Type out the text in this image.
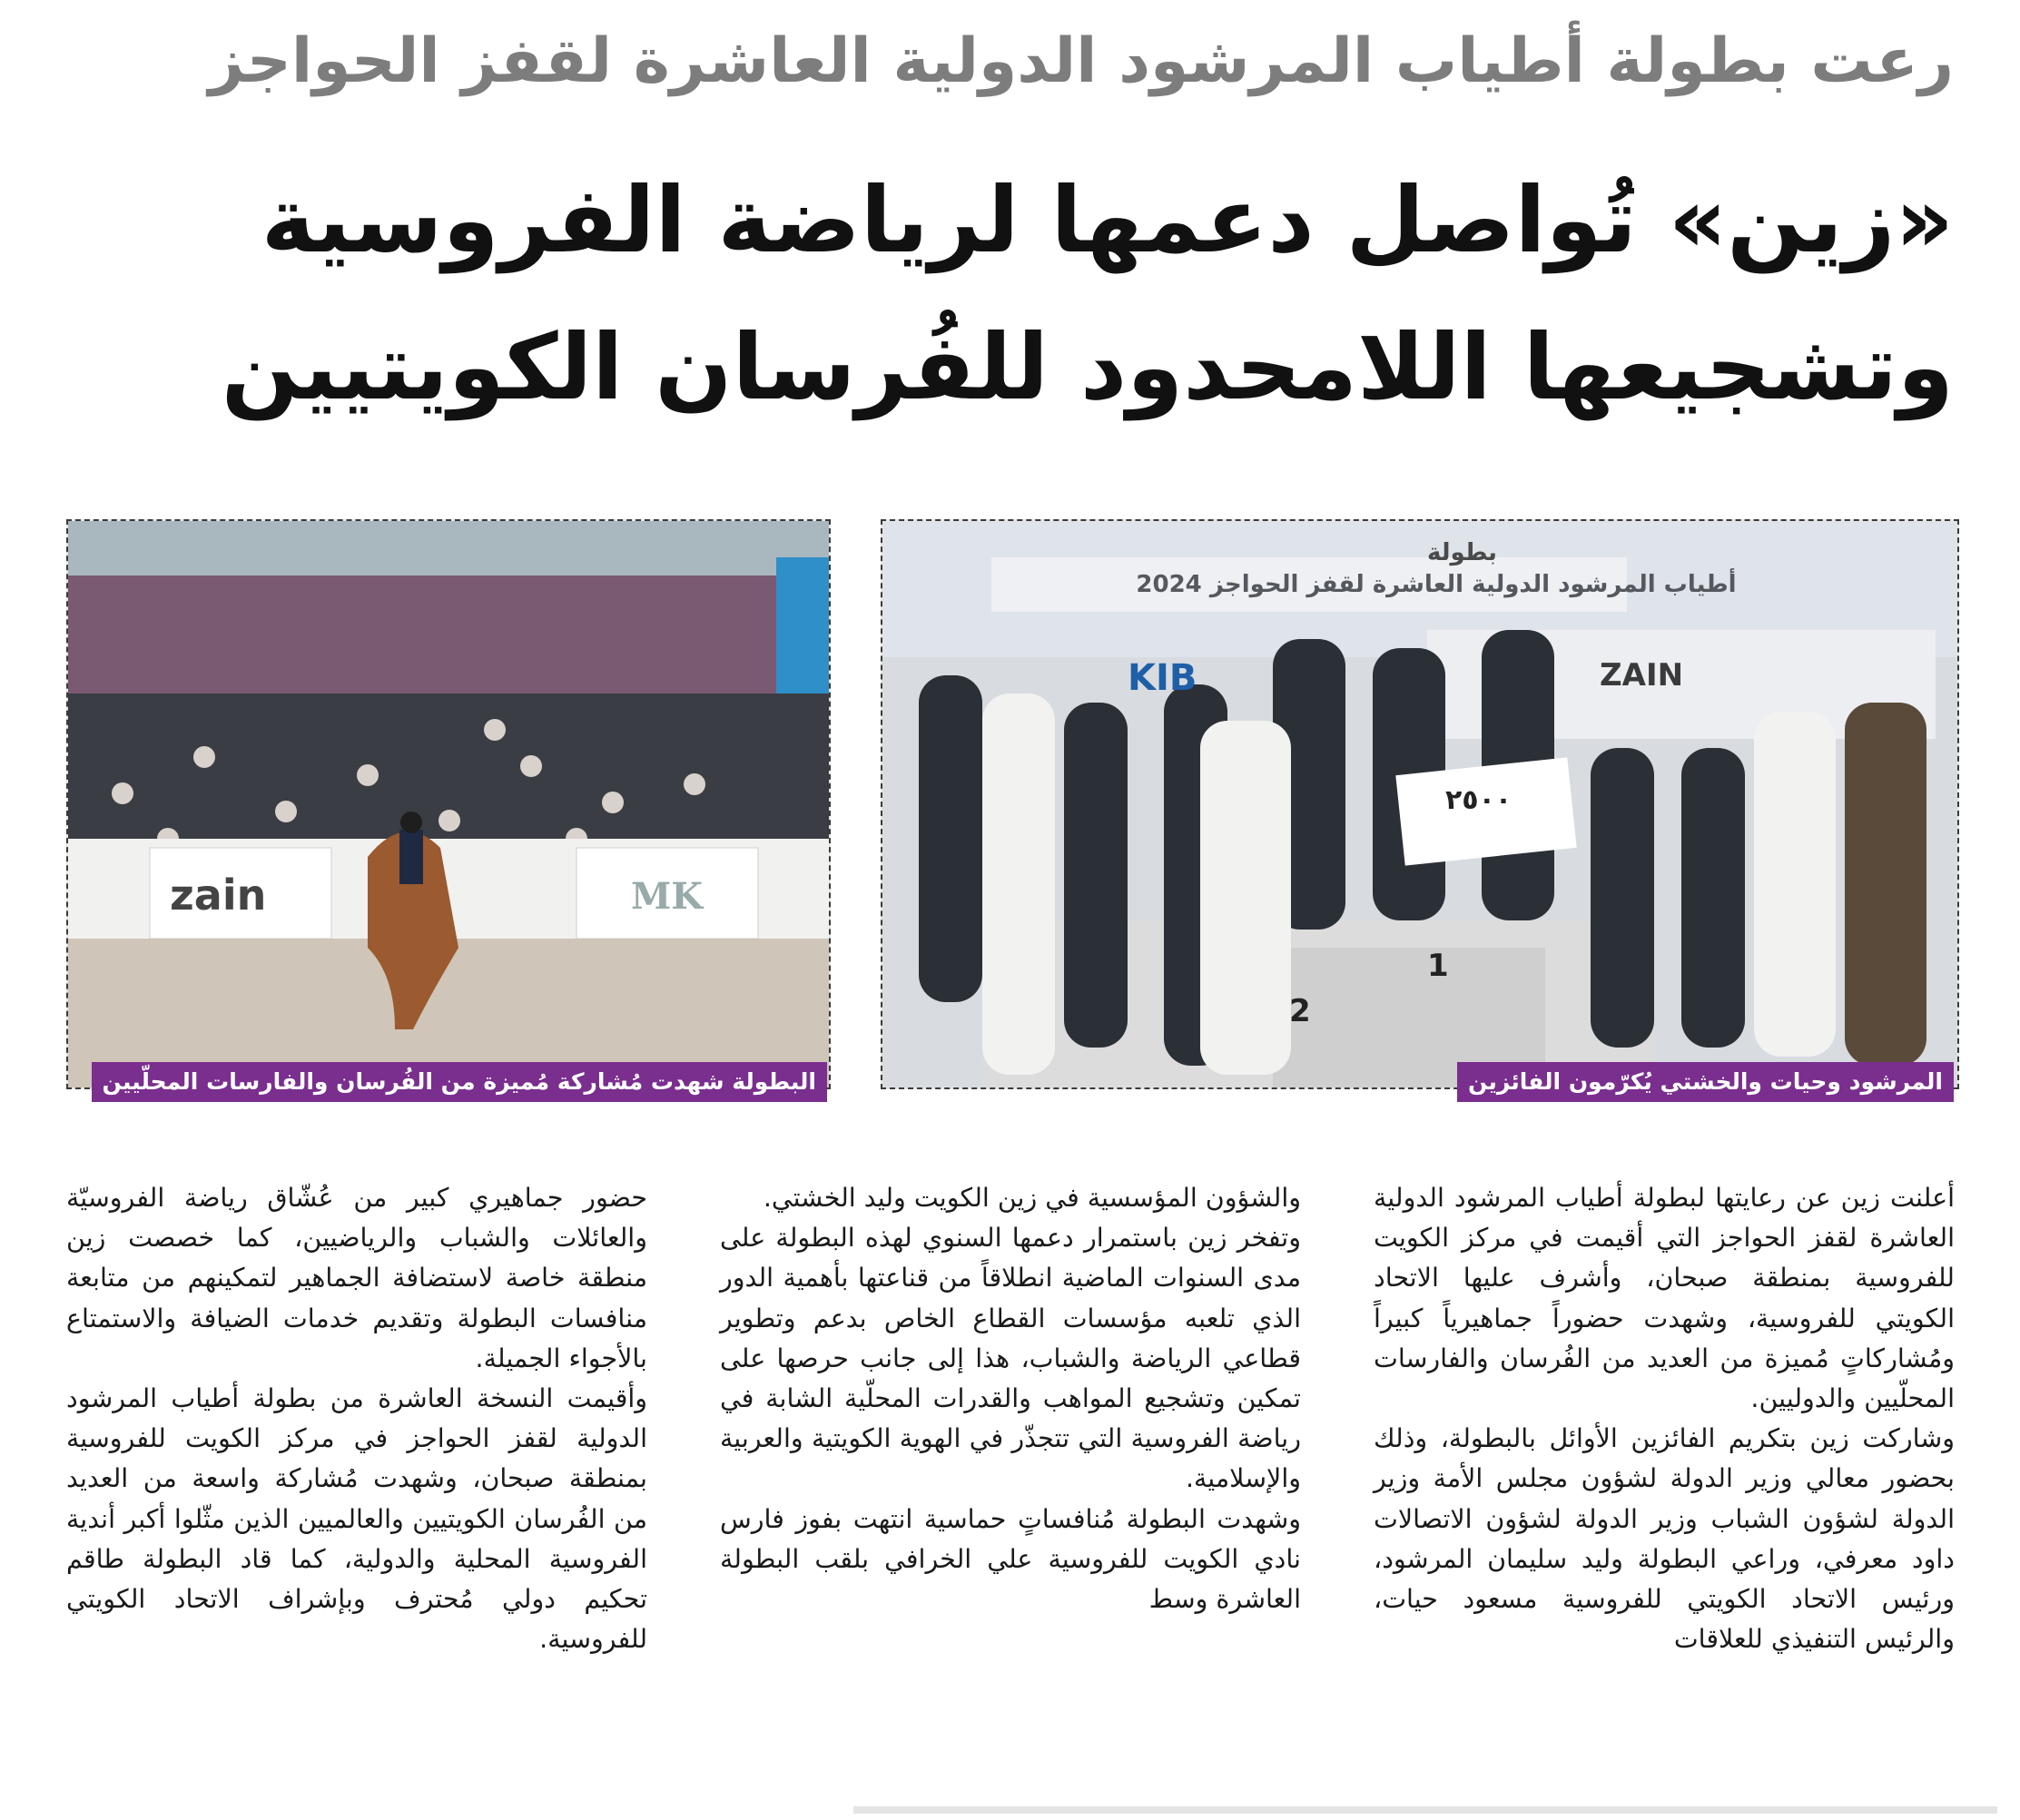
رعت بطولة أطياب المرشود الدولية العاشرة لقفز الحواجز
«زين» تُواصل دعمها لرياضة الفروسية
وتشجيعها اللامحدود للفُرسان الكويتيين
بطولة
أطياب المرشود الدولية العاشرة لقفز الحواجز 2024
KIB	ZAIN
٢٥٠٠
1
2
المرشود وحيات والخشتي يُكرّمون الفائزين
zain	MK
البطولة شهدت مُشاركة مُميزة من الفُرسان والفارسات المحلّيين

أعلنت زين عن رعايتها لبطولة أطياب المرشود الدولية العاشرة لقفز الحواجز التي أقيمت في مركز الكويت للفروسية بمنطقة صبحان، وأشرف عليها الاتحاد الكويتي للفروسية، وشهدت حضوراً جماهيرياً كبيراً ومُشاركاتٍ مُميزة من العديد من الفُرسان والفارسات المحلّيين والدوليين.

وشاركت زين بتكريم الفائزين الأوائل بالبطولة، وذلك بحضور معالي وزير الدولة لشؤون مجلس الأمة وزير الدولة لشؤون الشباب وزير الدولة لشؤون الاتصالات داود معرفي، وراعي البطولة وليد سليمان المرشود، ورئيس الاتحاد الكويتي للفروسية مسعود حيات، والرئيس التنفيذي للعلاقات

والشؤون المؤسسية في زين الكويت وليد الخشتي.

وتفخر زين باستمرار دعمها السنوي لهذه البطولة على مدى السنوات الماضية انطلاقاً من قناعتها بأهمية الدور الذي تلعبه مؤسسات القطاع الخاص بدعم وتطوير قطاعي الرياضة والشباب، هذا إلى جانب حرصها على تمكين وتشجيع المواهب والقدرات المحلّية الشابة في رياضة الفروسية التي تتجذّر في الهوية الكويتية والعربية والإسلامية.

وشهدت البطولة مُنافساتٍ حماسية انتهت بفوز فارس نادي الكويت للفروسية علي الخرافي بلقب البطولة العاشرة وسط

حضور جماهيري كبير من عُشّاق رياضة الفروسيّة والعائلات والشباب والرياضيين، كما خصصت زين منطقة خاصة لاستضافة الجماهير لتمكينهم من متابعة منافسات البطولة وتقديم خدمات الضيافة والاستمتاع بالأجواء الجميلة.

وأقيمت النسخة العاشرة من بطولة أطياب المرشود الدولية لقفز الحواجز في مركز الكويت للفروسية بمنطقة صبحان، وشهدت مُشاركة واسعة من العديد من الفُرسان الكويتيين والعالميين الذين مثّلوا أكبر أندية الفروسية المحلية والدولية، كما قاد البطولة طاقم تحكيم دولي مُحترف وبإشراف الاتحاد الكويتي للفروسية.
